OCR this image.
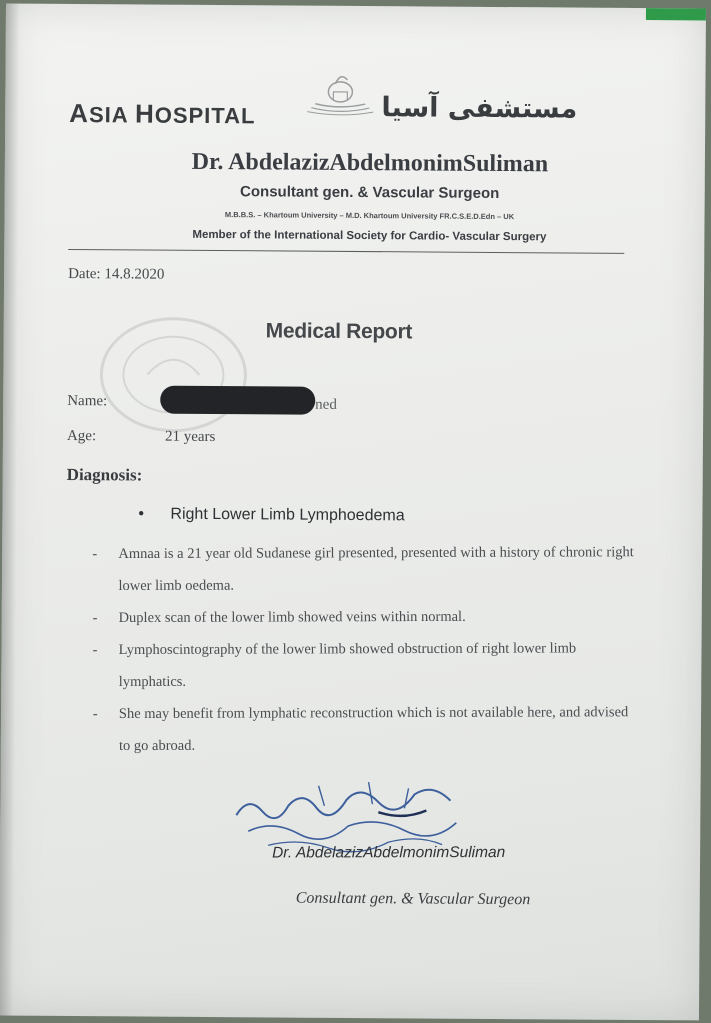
ASIA HOSPITAL	مستشفى آسيا
Dr. AbdelazizAbdelmonimSuliman
Consultant gen. & Vascular Surgeon
M.B.B.S. – Khartoum University – M.D. Khartoum University FR.C.S.E.D.Edn – UK
Member of the International Society for Cardio- Vascular Surgery
Date: 14.8.2020
Medical Report
Name:	ned
Age:	21 years
Diagnosis:
• Right Lower Limb Lymphoedema
- Amnaa is a 21 year old Sudanese girl presented, presented with a history of chronic right lower limb oedema.
- Duplex scan of the lower limb showed veins within normal.
- Lymphoscintography of the lower limb showed obstruction of right lower limb lymphatics.
- She may benefit from lymphatic reconstruction which is not available here, and advised to go abroad.
Dr. AbdelazizAbdelmonimSuliman
Consultant gen. & Vascular Surgeon
